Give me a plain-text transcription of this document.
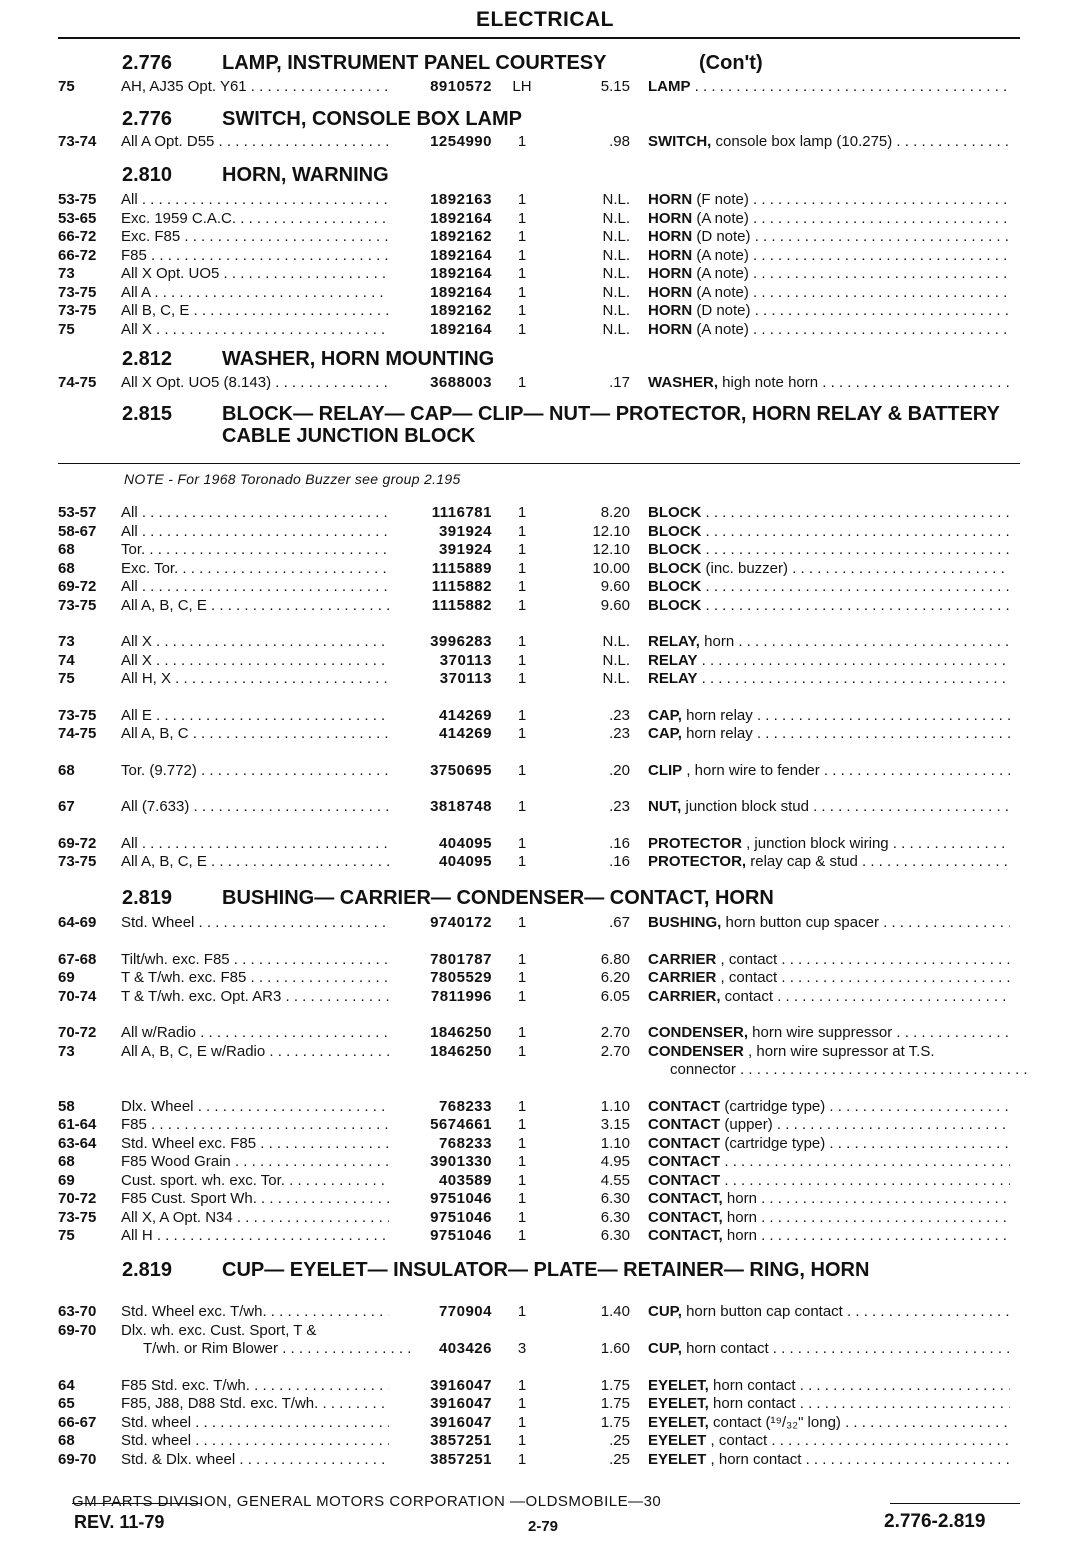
ELECTRICAL
2.776 LAMP, INSTRUMENT PANEL COURTESY	(Con't)
75	AH, AJ35 Opt. Y61 . . .	8910572 LH	5.15 LAMP . . .
2.776 SWITCH, CONSOLE BOX LAMP
73-74 All A Opt. D55 . . .	1254990	1	.98 SWITCH, console box lamp (10.275) . . .
2.810 HORN, WARNING
53-75 All . . .	1892163	1	N.L. HORN (F note) . . .
53-65 Exc. 1959 C.A.C. . . .	1892164	1	N.L. HORN (A note) . . .
66-72 Exc. F85 . . .	1892162	1	N.L. HORN (D note) . . .
66-72 F85 . . .	1892164	1	N.L. HORN (A note) . . .
73	All X Opt. UO5 . . .	1892164	1	N.L. HORN (A note) . . .
73-75 All A . . .	1892164	1	N.L. HORN (A note) . . .
73-75 All B, C, E . . .	1892162	1	N.L. HORN (D note) . . .
75	All X . . .	1892164	1	N.L. HORN (A note) . . .
2.812 WASHER, HORN MOUNTING
74-75 All X Opt. UO5 (8.143) . . .	3688003	1	.17 WASHER, high note horn . . .
2.815 BLOCK— RELAY— CAP— CLIP— NUT— PROTECTOR, HORN RELAY & BATTERY CABLE JUNCTION BLOCK
NOTE - For 1968 Toronado Buzzer see group 2.195
53-57 All . . .	1116781	1	8.20 BLOCK . . .
58-67 All . . .	391924	1	12.10 BLOCK . . .
68	Tor. . . .	391924	1	12.10 BLOCK . . .
68	Exc. Tor. . . .	1115889	1	10.00 BLOCK (inc. buzzer) . . .
69-72 All . . .	1115882	1	9.60 BLOCK . . .
73-75 All A, B, C, E . . .	1115882	1	9.60 BLOCK . . .
73	All X . . .	3996283	1	N.L. RELAY, horn . . .
74	All X . . .	370113	1	N.L. RELAY . . .
75	All H, X . . .	370113	1	N.L. RELAY . . .
73-75 All E . . .	414269	1	.23 CAP, horn relay . . .
74-75 All A, B, C . . .	414269	1	.23 CAP, horn relay . . .
68	Tor. (9.772) . . .	3750695	1	.20 CLIP , horn wire to fender . . .
67	All (7.633) . . .	3818748	1	.23 NUT, junction block stud . . .
69-72 All . . .	404095	1	.16 PROTECTOR , junction block wiring . . .
73-75 All A, B, C, E . . .	404095	1	.16 PROTECTOR, relay cap & stud . . .
2.819 BUSHING— CARRIER— CONDENSER— CONTACT, HORN
64-69 Std. Wheel . . .	9740172	1	.67 BUSHING, horn button cup spacer . . .
67-68 Tilt/wh. exc. F85 . . .	7801787	1	6.80 CARRIER , contact . . .
69	T & T/wh. exc. F85 . . .	7805529	1	6.20 CARRIER , contact . . .
70-74 T & T/wh. exc. Opt. AR3 . . .	7811996	1	6.05 CARRIER, contact . . .
70-72 All w/Radio . . .	1846250	1	2.70 CONDENSER, horn wire suppressor . . .
73	All A, B, C, E w/Radio . . .	1846250	1	2.70 CONDENSER , horn wire supressor at T.S.
connector . . .
58	Dlx. Wheel . . .	768233	1	1.10 CONTACT (cartridge type) . . .
61-64 F85 . . .	5674661	1	3.15 CONTACT (upper) . . .
63-64 Std. Wheel exc. F85 . . .	768233	1	1.10 CONTACT (cartridge type) . . .
68	F85 Wood Grain . . .	3901330	1	4.95 CONTACT . . .
69	Cust. sport. wh. exc. Tor. . . .	403589	1	4.55 CONTACT . . .
70-72 F85 Cust. Sport Wh. . . .	9751046	1	6.30 CONTACT, horn . . .
73-75 All X, A Opt. N34 . . .	9751046	1	6.30 CONTACT, horn . . .
75	All H . . .	9751046	1	6.30 CONTACT, horn . . .
2.819 CUP— EYELET— INSULATOR— PLATE— RETAINER— RING, HORN
63-70 Std. Wheel exc. T/wh. . . .	770904	1	1.40 CUP, horn button cap contact . . .
69-70 Dlx. wh. exc. Cust. Sport, T &
T/wh. or Rim Blower . . .	403426	3	1.60 CUP, horn contact . . .
64	F85 Std. exc. T/wh. . . .	3916047	1	1.75 EYELET, horn contact . . .
65	F85, J88, D88 Std. exc. T/wh. . . .	3916047	1	1.75 EYELET, horn contact . . .
66-67 Std. wheel . . .	3916047	1	1.75 EYELET, contact (¹⁹/₃₂" long) . . .
68	Std. wheel . . .	3857251	1	.25 EYELET , contact . . .
69-70 Std. & Dlx. wheel . . .	3857251	1	.25 EYELET , horn contact . . .
GM PARTS DIVISION, GENERAL MOTORS CORPORATION —OLDSMOBILE—30
REV. 11-79	2-79	2.776-2.819
